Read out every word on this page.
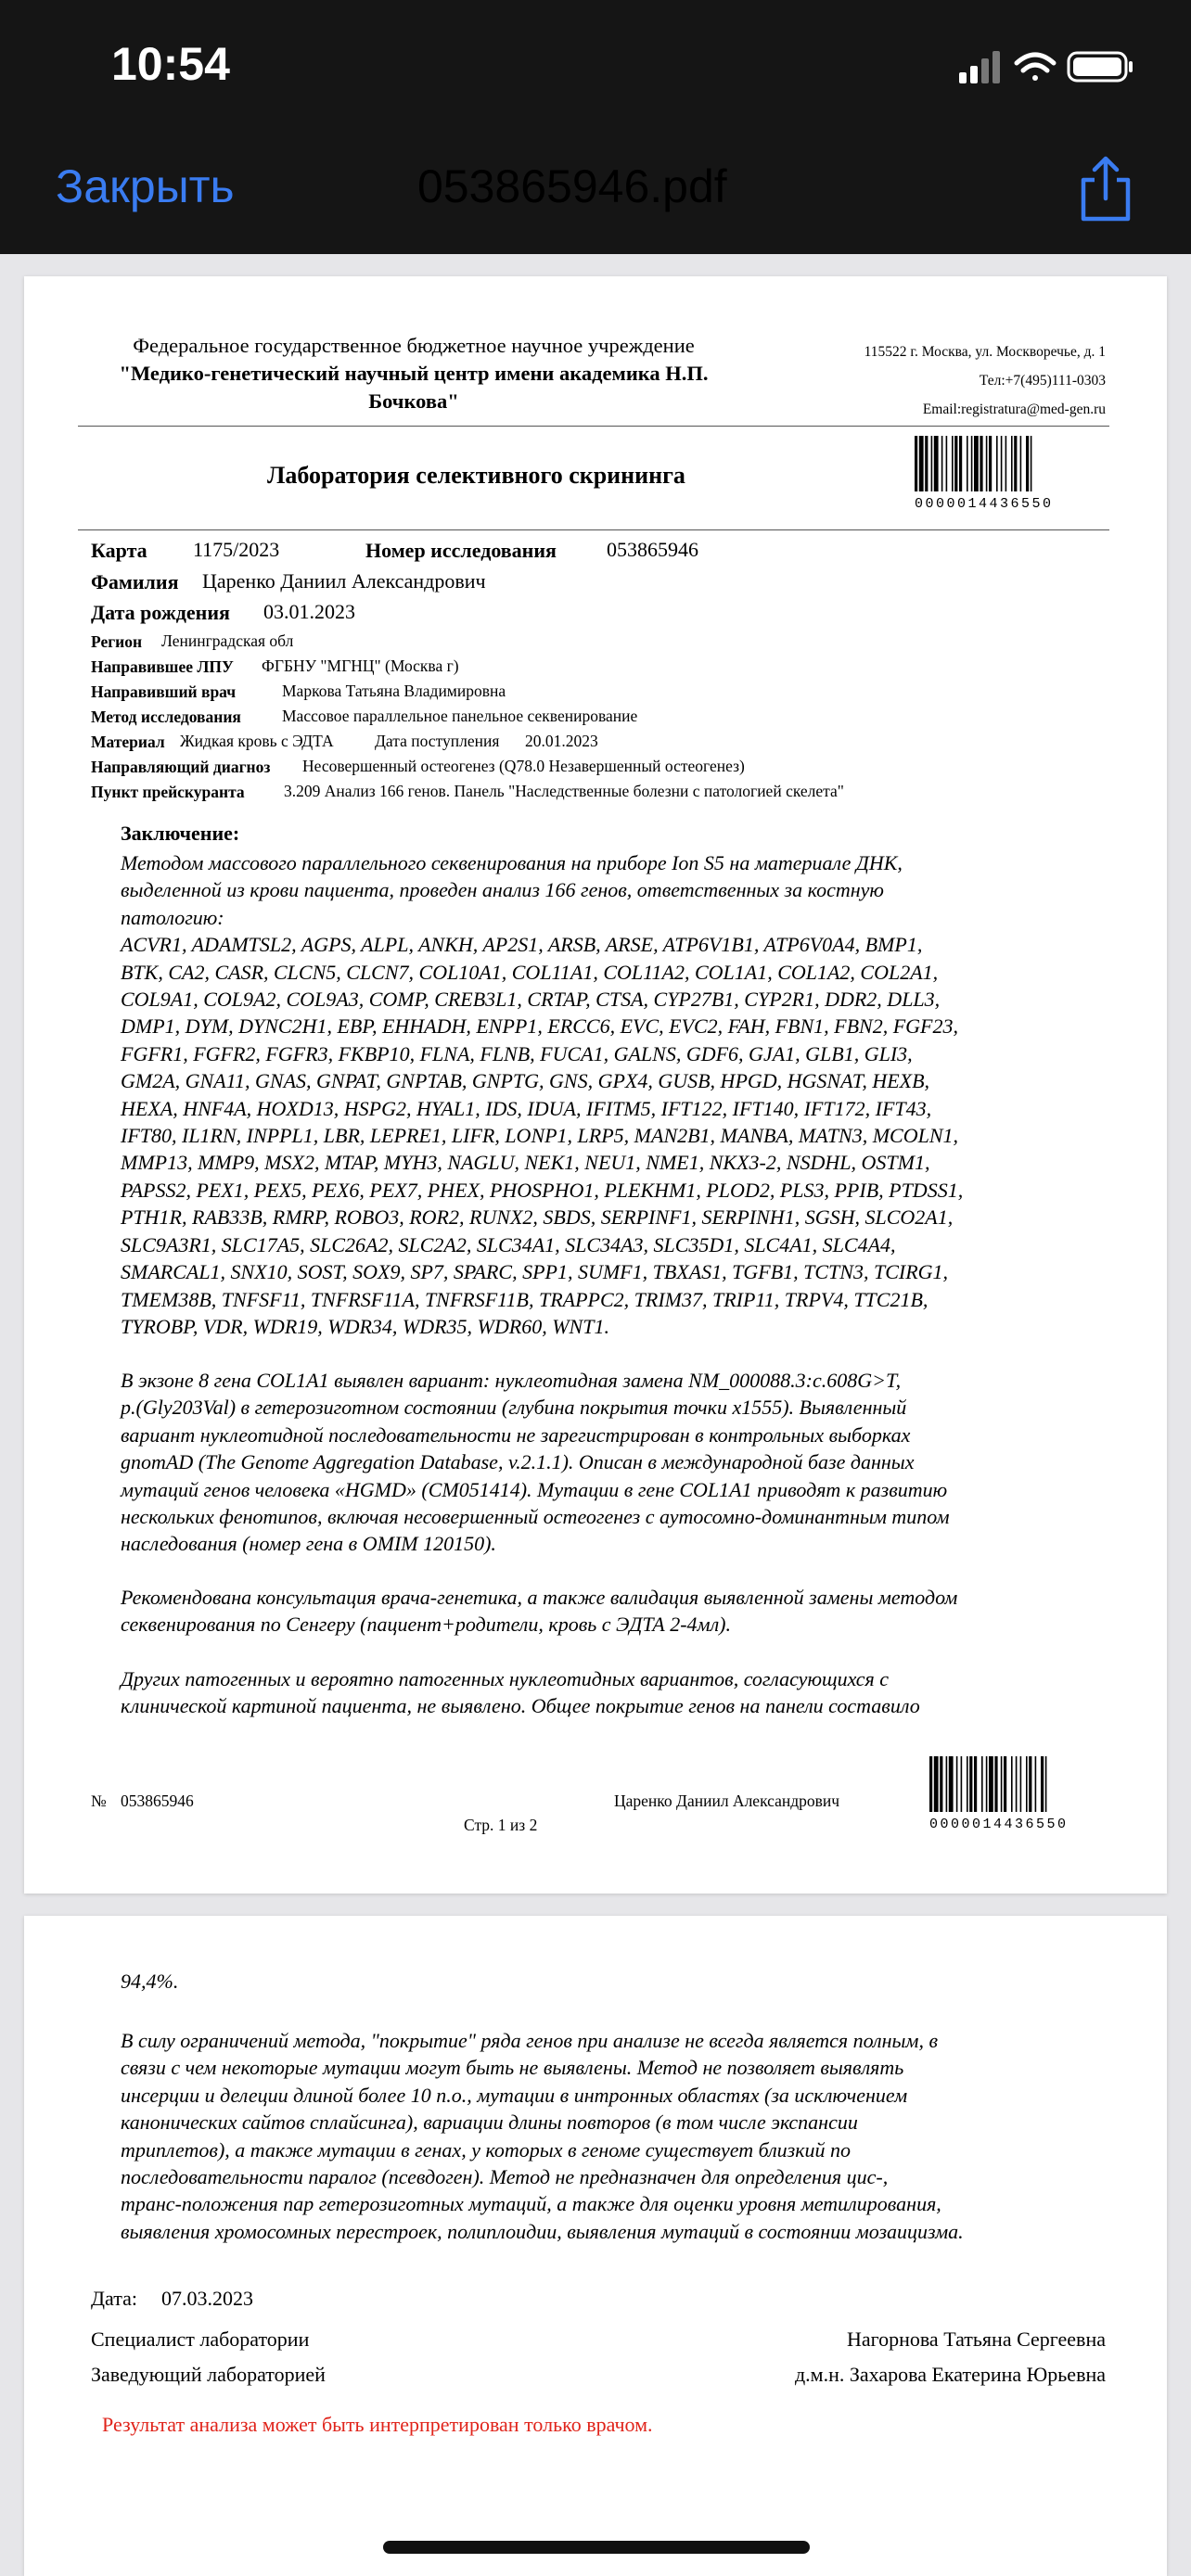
10:54
Закрыть	053865946.pdf
Федеральное государственное бюджетное научное учреждение
"Медико-генетический научный центр имени академика Н.П.
Бочкова"
115522 г. Москва, ул. Москворечье, д. 1
Тел:+7(495)111-0303
Email:registratura@med-gen.ru

Лаборатория селективного скрининга

0000014436550

Карта 1175/2023	Номер исследования 053865946

Фамилия Царенко Даниил Александрович

Дата рождения 03.01.2023

Регион Ленинградская обл

Направившее ЛПУ ФГБНУ "МГНЦ" (Москва г)

Направивший врач	Маркова Татьяна Владимировна

Метод исследования	Массовое параллельное панельное секвенирование

Материал Жидкая кровь с ЭДТА	Дата поступления 20.01.2023

Направляющий диагноз	Несовершенный остеогенез (Q78.0 Незавершенный остеогенез)

Пункт прейскуранта	3.209 Анализ 166 генов. Панель "Наследственные болезни с патологией скелета"

Заключение:

Методом массового параллельного секвенирования на приборе Ion S5 на материале ДНК,
выделенной из крови пациента, проведен анализ 166 генов, ответственных за костную
патологию:
ACVR1, ADAMTSL2, AGPS, ALPL, ANKH, AP2S1, ARSB, ARSE, ATP6V1B1, ATP6V0A4, BMP1,
BTK, CA2, CASR, CLCN5, CLCN7, COL10A1, COL11A1, COL11A2, COL1A1, COL1A2, COL2A1,
COL9A1, COL9A2, COL9A3, COMP, CREB3L1, CRTAP, CTSA, CYP27B1, CYP2R1, DDR2, DLL3,
DMP1, DYM, DYNC2H1, EBP, EHHADH, ENPP1, ERCC6, EVC, EVC2, FAH, FBN1, FBN2, FGF23,
FGFR1, FGFR2, FGFR3, FKBP10, FLNA, FLNB, FUCA1, GALNS, GDF6, GJA1, GLB1, GLI3,
GM2A, GNA11, GNAS, GNPAT, GNPTAB, GNPTG, GNS, GPX4, GUSB, HPGD, HGSNAT, HEXB,
HEXA, HNF4A, HOXD13, HSPG2, HYAL1, IDS, IDUA, IFITM5, IFT122, IFT140, IFT172, IFT43,
IFT80, IL1RN, INPPL1, LBR, LEPRE1, LIFR, LONP1, LRP5, MAN2B1, MANBA, MATN3, MCOLN1,
MMP13, MMP9, MSX2, MTAP, MYH3, NAGLU, NEK1, NEU1, NME1, NKX3-2, NSDHL, OSTM1,
PAPSS2, PEX1, PEX5, PEX6, PEX7, PHEX, PHOSPHO1, PLEKHM1, PLOD2, PLS3, PPIB, PTDSS1,
PTH1R, RAB33B, RMRP, ROBO3, ROR2, RUNX2, SBDS, SERPINF1, SERPINH1, SGSH, SLCO2A1,
SLC9A3R1, SLC17A5, SLC26A2, SLC2A2, SLC34A1, SLC34A3, SLC35D1, SLC4A1, SLC4A4,
SMARCAL1, SNX10, SOST, SOX9, SP7, SPARC, SPP1, SUMF1, TBXAS1, TGFB1, TCTN3, TCIRG1,
TMEM38B, TNFSF11, TNFRSF11A, TNFRSF11B, TRAPPC2, TRIM37, TRIP11, TRPV4, TTC21B,
TYROBP, VDR, WDR19, WDR34, WDR35, WDR60, WNT1.
В экзоне 8 гена COL1A1 выявлен вариант: нуклеотидная замена NM_000088.3:c.608G>T,
p.(Gly203Val) в гетерозиготном состоянии (глубина покрытия точки x1555). Выявленный
вариант нуклеотидной последовательности не зарегистрирован в контрольных выборках
gnomAD (The Genome Aggregation Database, v.2.1.1). Описан в международной базе данных
мутаций генов человека «HGMD» (CM051414). Мутации в гене COL1A1 приводят к развитию
нескольких фенотипов, включая несовершенный остеогенез с аутосомно-доминантным типом
наследования (номер гена в OMIM 120150).
Рекомендована консультация врача-генетика, а также валидация выявленной замены методом
секвенирования по Сенгеру (пациент+родители, кровь с ЭДТА 2-4мл).
Других патогенных и вероятно патогенных нуклеотидных вариантов, согласующихся с
клинической картиной пациента, не выявлено. Общее покрытие генов на панели составило

№ 053865946	Царенко Даниил Александрович

Стр. 1 из 2	0000014436550

94,4%.

В силу ограничений метода, "покрытие" ряда генов при анализе не всегда является полным, в
связи с чем некоторые мутации могут быть не выявлены. Метод не позволяет выявлять
инсерции и делеции длиной более 10 п.о., мутации в интронных областях (за исключением
канонических сайтов сплайсинга), вариации длины повторов (в том числе экспансии
триплетов), а также мутации в генах, у которых в геноме существует близкий по
последовательности паралог (псевдоген). Метод не предназначен для определения цис-,
транс-положения пар гетерозиготных мутаций, а также для оценки уровня метилирования,
выявления хромосомных перестроек, полиплоидии, выявления мутаций в состоянии мозаицизма.

Дата: 07.03.2023

Специалист лаборатории	Нагорнова Татьяна Сергеевна

Заведующий лабораторией	д.м.н. Захарова Екатерина Юрьевна

Результат анализа может быть интерпретирован только врачом.
